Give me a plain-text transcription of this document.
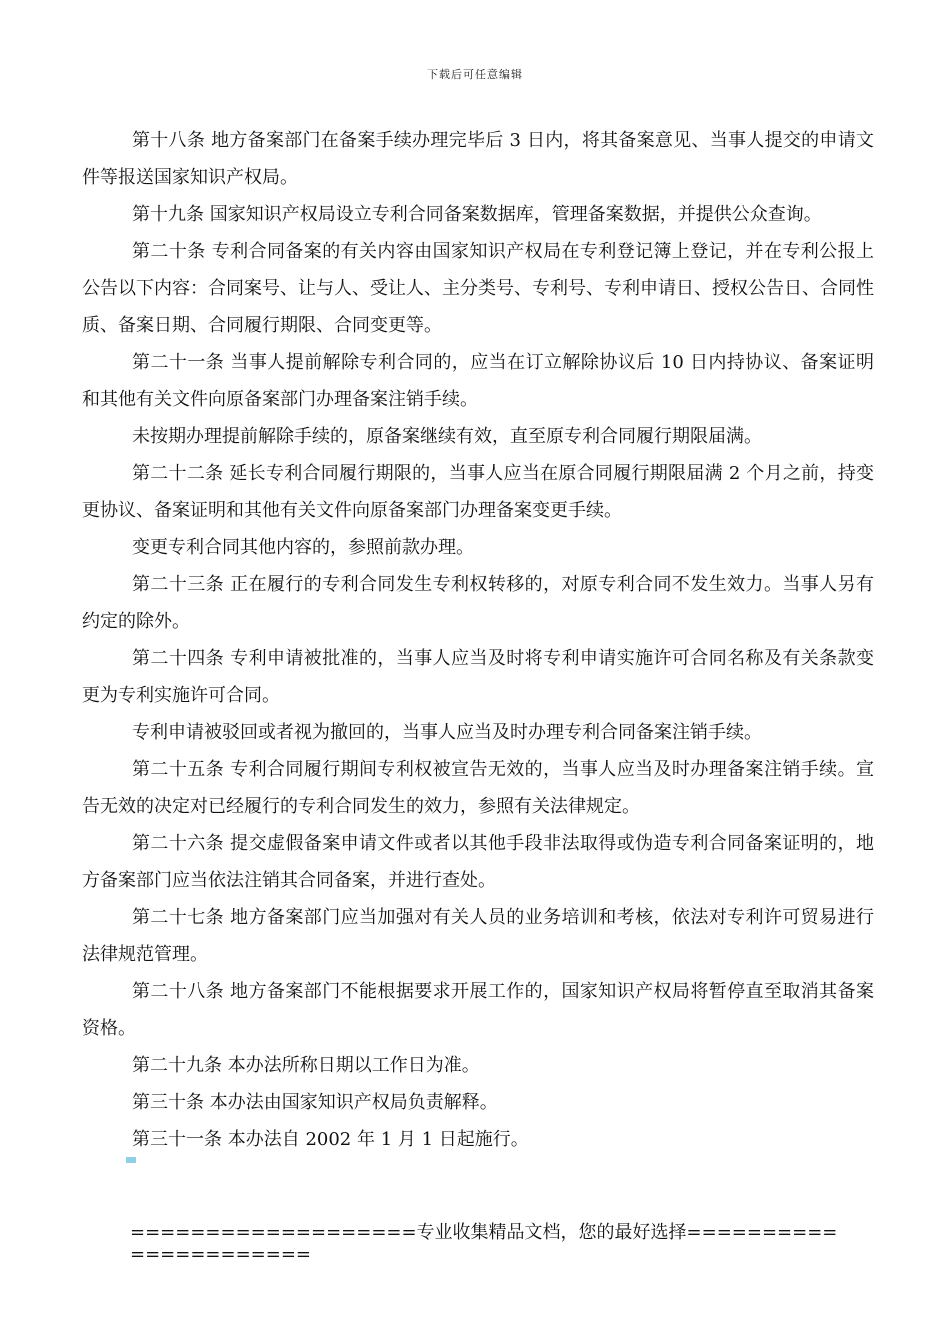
下载后可任意编辑

第十八条 地方备案部门在备案手续办理完毕后 3 日内，将其备案意见、当事人提交的申请文件等报送国家知识产权局。

第十九条 国家知识产权局设立专利合同备案数据库，管理备案数据，并提供公众查询。

第二十条 专利合同备案的有关内容由国家知识产权局在专利登记簿上登记，并在专利公报上公告以下内容：合同案号、让与人、受让人、主分类号、专利号、专利申请日、授权公告日、合同性质、备案日期、合同履行期限、合同变更等。

第二十一条 当事人提前解除专利合同的，应当在订立解除协议后 10 日内持协议、备案证明和其他有关文件向原备案部门办理备案注销手续。

未按期办理提前解除手续的，原备案继续有效，直至原专利合同履行期限届满。

第二十二条 延长专利合同履行期限的，当事人应当在原合同履行期限届满 2 个月之前，持变更协议、备案证明和其他有关文件向原备案部门办理备案变更手续。

变更专利合同其他内容的，参照前款办理。

第二十三条 正在履行的专利合同发生专利权转移的，对原专利合同不发生效力。当事人另有约定的除外。

第二十四条 专利申请被批准的，当事人应当及时将专利申请实施许可合同名称及有关条款变更为专利实施许可合同。

专利申请被驳回或者视为撤回的，当事人应当及时办理专利合同备案注销手续。

第二十五条 专利合同履行期间专利权被宣告无效的，当事人应当及时办理备案注销手续。宣告无效的决定对已经履行的专利合同发生的效力，参照有关法律规定。

第二十六条 提交虚假备案申请文件或者以其他手段非法取得或伪造专利合同备案证明的，地方备案部门应当依法注销其合同备案，并进行查处。

第二十七条 地方备案部门应当加强对有关人员的业务培训和考核，依法对专利许可贸易进行法律规范管理。

第二十八条 地方备案部门不能根据要求开展工作的，国家知识产权局将暂停直至取消其备案资格。

第二十九条 本办法所称日期以工作日为准。

第三十条 本办法由国家知识产权局负责解释。

第三十一条 本办法自 2002 年 1 月 1 日起施行。

===================专业收集精品文档，您的最好选择======================
